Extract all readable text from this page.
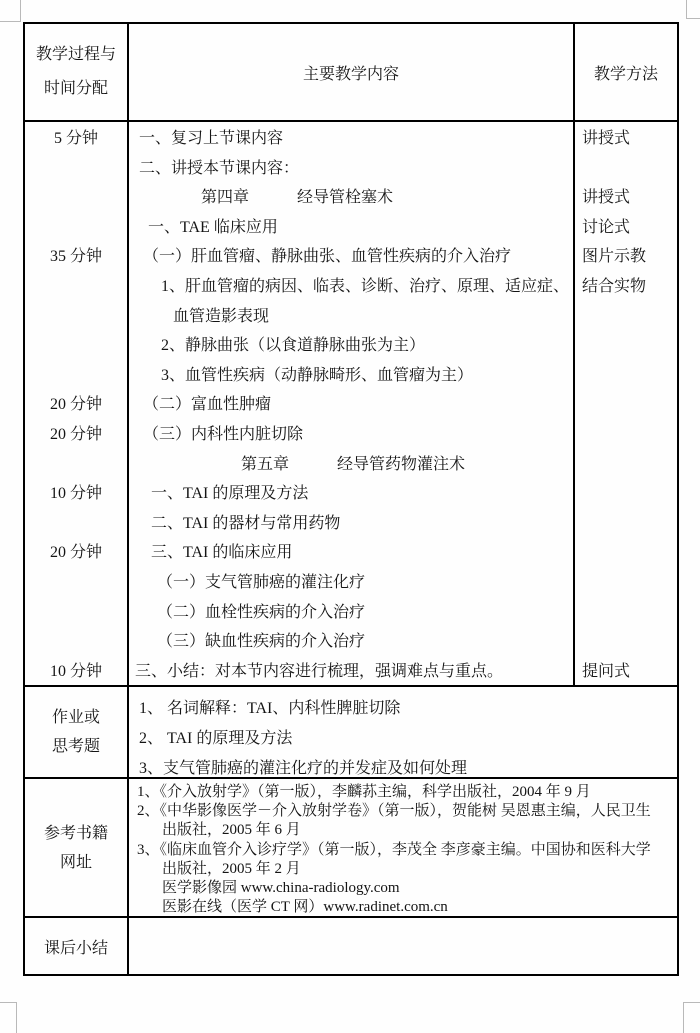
教学过程与
时间分配
主要教学内容	教学方法
5 分钟
35 分钟
20 分钟
20 分钟
10 分钟
20 分钟
10 分钟
一、复习上节课内容
二、讲授本节课内容：
第四章　　　经导管栓塞术
一、TAE 临床应用
（一）肝血管瘤、静脉曲张、血管性疾病的介入治疗
1、肝血管瘤的病因、临表、诊断、治疗、原理、适应症、
血管造影表现
2、静脉曲张（以食道静脉曲张为主）
3、血管性疾病（动静脉畸形、血管瘤为主）
（二）富血性肿瘤
（三）内科性内脏切除
第五章　　　经导管药物灌注术
一、TAI 的原理及方法
二、TAI 的器材与常用药物
三、TAI 的临床应用
（一）支气管肺癌的灌注化疗
（二）血栓性疾病的介入治疗
（三）缺血性疾病的介入治疗
三、小结：对本节内容进行梳理，强调难点与重点。
讲授式
讲授式
讨论式
图片示教
结合实物
提问式
作业或
思考题
1、 名词解释：TAI、内科性脾脏切除
2、 TAI 的原理及方法
3、支气管肺癌的灌注化疗的并发症及如何处理
参考书籍
网址
1、《介入放射学》（第一版），李麟荪主编，科学出版社，2004 年 9 月
2、《中华影像医学－介入放射学卷》（第一版），贺能树 吴恩惠主编，人民卫生
出版社，2005 年 6 月
3、《临床血管介入诊疗学》（第一版），李茂全 李彦豪主编。中国协和医科大学
出版社，2005 年 2 月
医学影像园 www.china-radiology.com
医影在线（医学 CT 网）www.radinet.com.cn
课后小结
